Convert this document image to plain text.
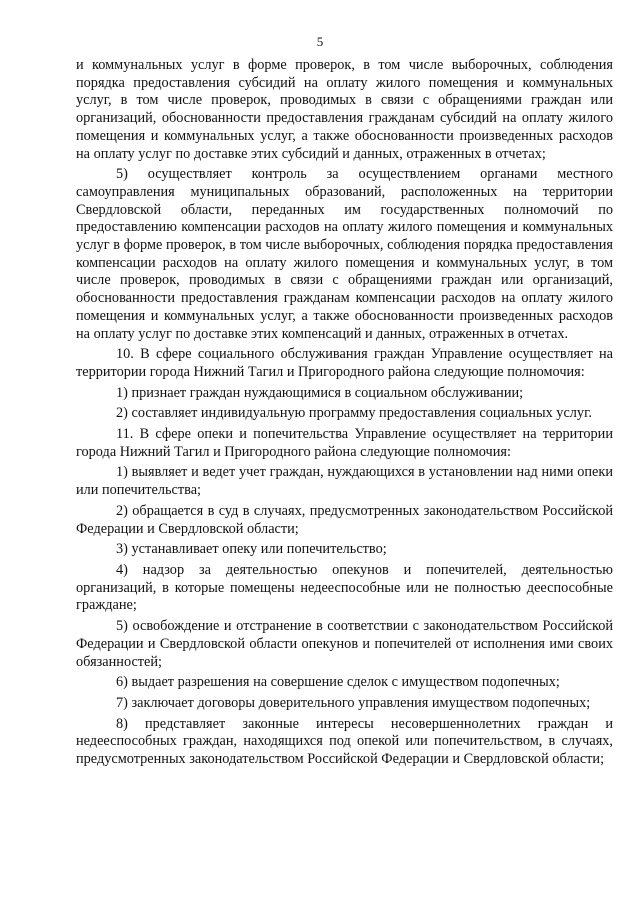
5

и коммунальных услуг в форме проверок, в том числе выборочных, соблюдения порядка предоставления субсидий на оплату жилого помещения и коммунальных услуг, в том числе проверок, проводимых в связи с обращениями граждан или организаций, обоснованности предоставления гражданам субсидий на оплату жилого помещения и коммунальных услуг, а также обоснованности произведенных расходов на оплату услуг по доставке этих субсидий и данных, отраженных в отчетах;

5) осуществляет контроль за осуществлением органами местного самоуправления муниципальных образований, расположенных на территории Свердловской области, переданных им государственных полномочий по предоставлению компенсации расходов на оплату жилого помещения и коммунальных услуг в форме проверок, в том числе выборочных, соблюдения порядка предоставления компенсации расходов на оплату жилого помещения и коммунальных услуг, в том числе проверок, проводимых в связи с обращениями граждан или организаций, обоснованности предоставления гражданам компенсации расходов на оплату жилого помещения и коммунальных услуг, а также обоснованности произведенных расходов на оплату услуг по доставке этих компенсаций и данных, отраженных в отчетах.

10. В сфере социального обслуживания граждан Управление осуществляет на территории города Нижний Тагил и Пригородного района следующие полномочия:

1) признает граждан нуждающимися в социальном обслуживании;

2) составляет индивидуальную программу предоставления социальных услуг.

11. В сфере опеки и попечительства Управление осуществляет на территории города Нижний Тагил и Пригородного района следующие полномочия:

1) выявляет и ведет учет граждан, нуждающихся в установлении над ними опеки или попечительства;

2) обращается в суд в случаях, предусмотренных законодательством Российской Федерации и Свердловской области;

3) устанавливает опеку или попечительство;

4) надзор за деятельностью опекунов и попечителей, деятельностью организаций, в которые помещены недееспособные или не полностью дееспособные граждане;

5) освобождение и отстранение в соответствии с законодательством Российской Федерации и Свердловской области опекунов и попечителей от исполнения ими своих обязанностей;

6) выдает разрешения на совершение сделок с имуществом подопечных;

7) заключает договоры доверительного управления имуществом подопечных;

8) представляет законные интересы несовершеннолетних граждан и недееспособных граждан, находящихся под опекой или попечительством, в случаях, предусмотренных законодательством Российской Федерации и Свердловской области;
